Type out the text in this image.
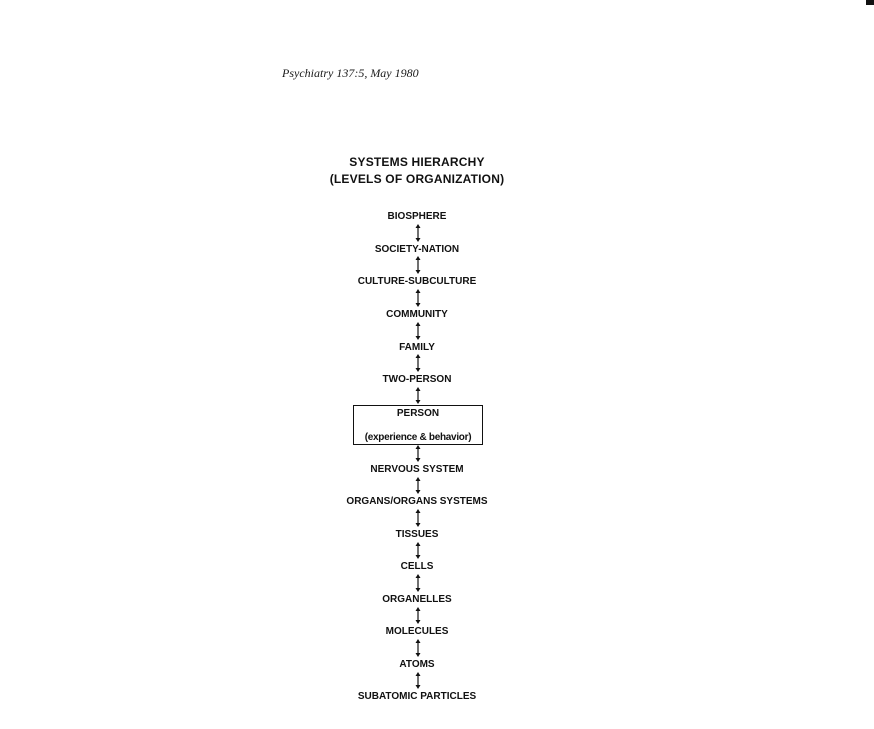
Psychiatry 137:5, May 1980
SYSTEMS HIERARCHY
(LEVELS OF ORGANIZATION)
BIOSPHERE
SOCIETY-NATION
CULTURE-SUBCULTURE
COMMUNITY
FAMILY
TWO-PERSON
PERSON
(experience & behavior)
NERVOUS SYSTEM
ORGANS/ORGANS SYSTEMS
TISSUES
CELLS
ORGANELLES
MOLECULES
ATOMS
SUBATOMIC PARTICLES
